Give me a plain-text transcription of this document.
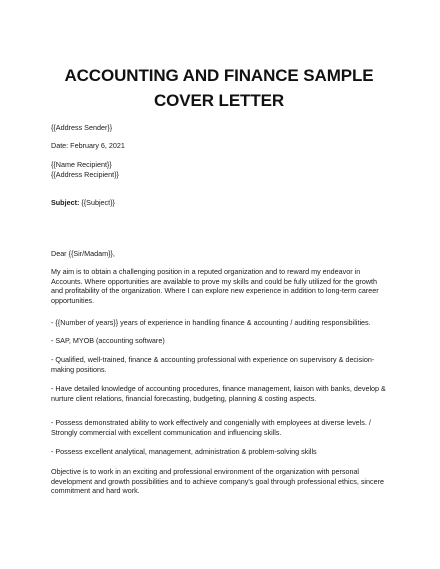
ACCOUNTING AND FINANCE SAMPLE
COVER LETTER
{{Address Sender}}
Date: February 6, 2021
{{Name Recipient}}
{{Address Recipient}}
Subject: {{Subject}}
Dear {{Sir/Madam}},
My aim is to obtain a challenging position in a reputed organization and to reward my endeavor in Accounts. Where opportunities are available to prove my skills and could be fully utilized for the growth and profitability of the organization. Where I can explore new experience in addition to long-term career opportunities.
- {{Number of years}} years of experience in handling finance & accounting / auditing responsibilities.
- SAP, MYOB (accounting software)
- Qualified, well-trained, finance & accounting professional with experience on supervisory & decision-making positions.
- Have detailed knowledge of accounting procedures, finance management, liaison with banks, develop & nurture client relations, financial forecasting, budgeting, planning & costing aspects.
- Possess demonstrated ability to work effectively and congenially with employees at diverse levels. / Strongly commercial with excellent communication and influencing skills.
- Possess excellent analytical, management, administration & problem-solving skills
Objective is to work in an exciting and professional environment of the organization with personal development and growth possibilities and to achieve company's goal through professional ethics, sincere commitment and hard work.
